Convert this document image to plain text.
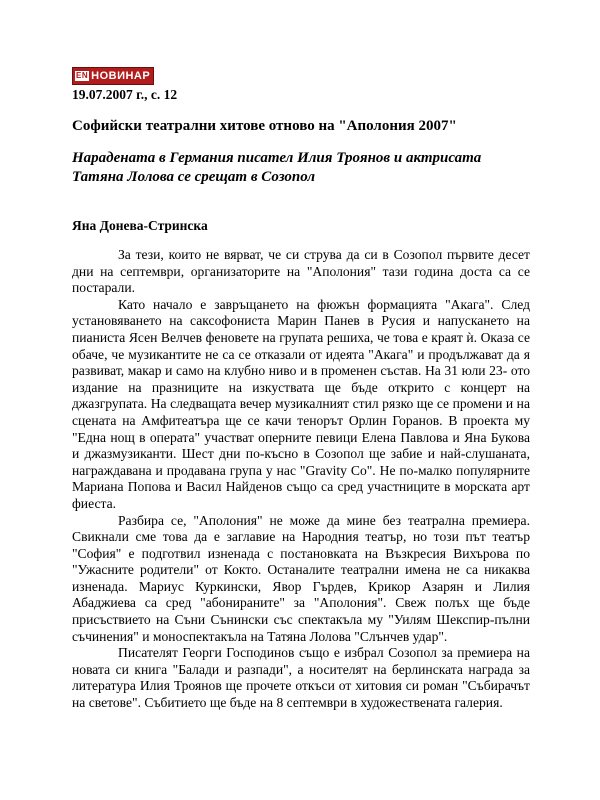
EN НОВИНАР
19.07.2007 г., с. 12
Софийски театрални хитове отново на "Аполония 2007"
Нарадената в Германия писател Илия Троянов и актрисата Татяна Лолова се срещат в Созопол
Яна Донева-Стринска

За тези, които не вярват, че си струва да си в Созопол първите десет дни на септември, организаторите на "Аполония" тази година доста са се постарали.

Като начало е завръщането на фюжън формацията "Акага". След установяването на саксофониста Марин Панев в Русия и напускането на пианиста Ясен Велчев феновете на групата решиха, че това е краят ѝ. Оказа се обаче, че музикантите не са се отказали от идеята "Акага" и продължават да я развиват, макар и само на клубно ниво и в променен състав. На 31 юли 23- ото издание на празниците на изкуствата ще бъде открито с концерт на джазгрупата. На следващата вечер музикалният стил рязко ще се промени и на сцената на Амфитеатъра ще се качи тенорът Орлин Горанов. В проекта му "Една нощ в операта" участват оперните певици Елена Павлова и Яна Букова и джазмузиканти. Шест дни по-късно в Созопол ще забие и най-слушаната, награждавана и продавана група у нас "Gravity Co". Не по-малко популярните Мариана Попова и Васил Найденов също са сред участниците в морската арт фиеста.

Разбира се, "Аполония" не може да мине без театрална премиера. Свикнали сме това да е заглавие на Народния театър, но този път театър "София" е подготвил изненада с постановката на Възкресия Вихърова по "Ужасните родители" от Кокто. Останалите театрални имена не са никаква изненада. Мариус Куркински, Явор Гърдев, Крикор Азарян и Лилия Абаджиева са сред "абонираните" за "Аполония". Свеж полъх ще бъде присъствието на Съни Сънински със спектакъла му "Уилям Шекспир-пълни съчинения" и моноспектакъла на Татяна Лолова "Слънчев удар".

Писателят Георги Господинов също е избрал Созопол за премиера на новата си книга "Балади и разпади", а носителят на берлинската награда за литература Илия Троянов ще прочете откъси от хитовия си роман "Събирачът на светове". Събитието ще бъде на 8 септември в художествената галерия.
